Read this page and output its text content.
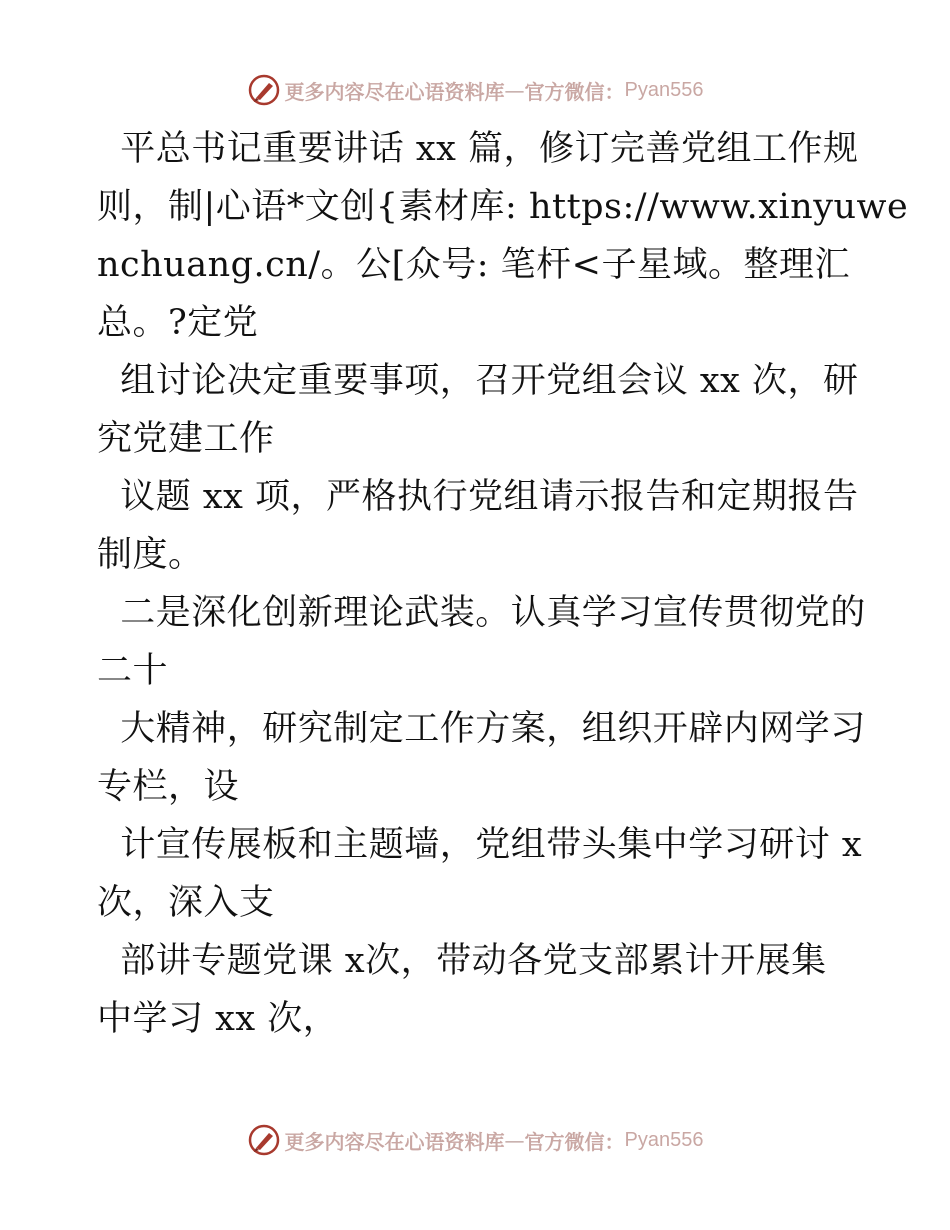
更多内容尽在心语资料库 — 官方微信： Pyan556
平总书记重要讲话 xx 篇，修订完善党组工作规
则，制|心语*文创{素材库: https://www.xinyuwe
nchuang.cn/。公[众号: 笔杆<子星域。整理汇
总。?定党
组讨论决定重要事项，召开党组会议 xx 次，研
究党建工作
议题 xx 项，严格执行党组请示报告和定期报告
制度。
二是深化创新理论武装。认真学习宣传贯彻党的
二十
大精神，研究制定工作方案，组织开辟内网学习
专栏，设
计宣传展板和主题墙，党组带头集中学习研讨 x
次，深入支
部讲专题党课 x次，带动各党支部累计开展集
中学习 xx 次，
更多内容尽在心语资料库 — 官方微信： Pyan556
